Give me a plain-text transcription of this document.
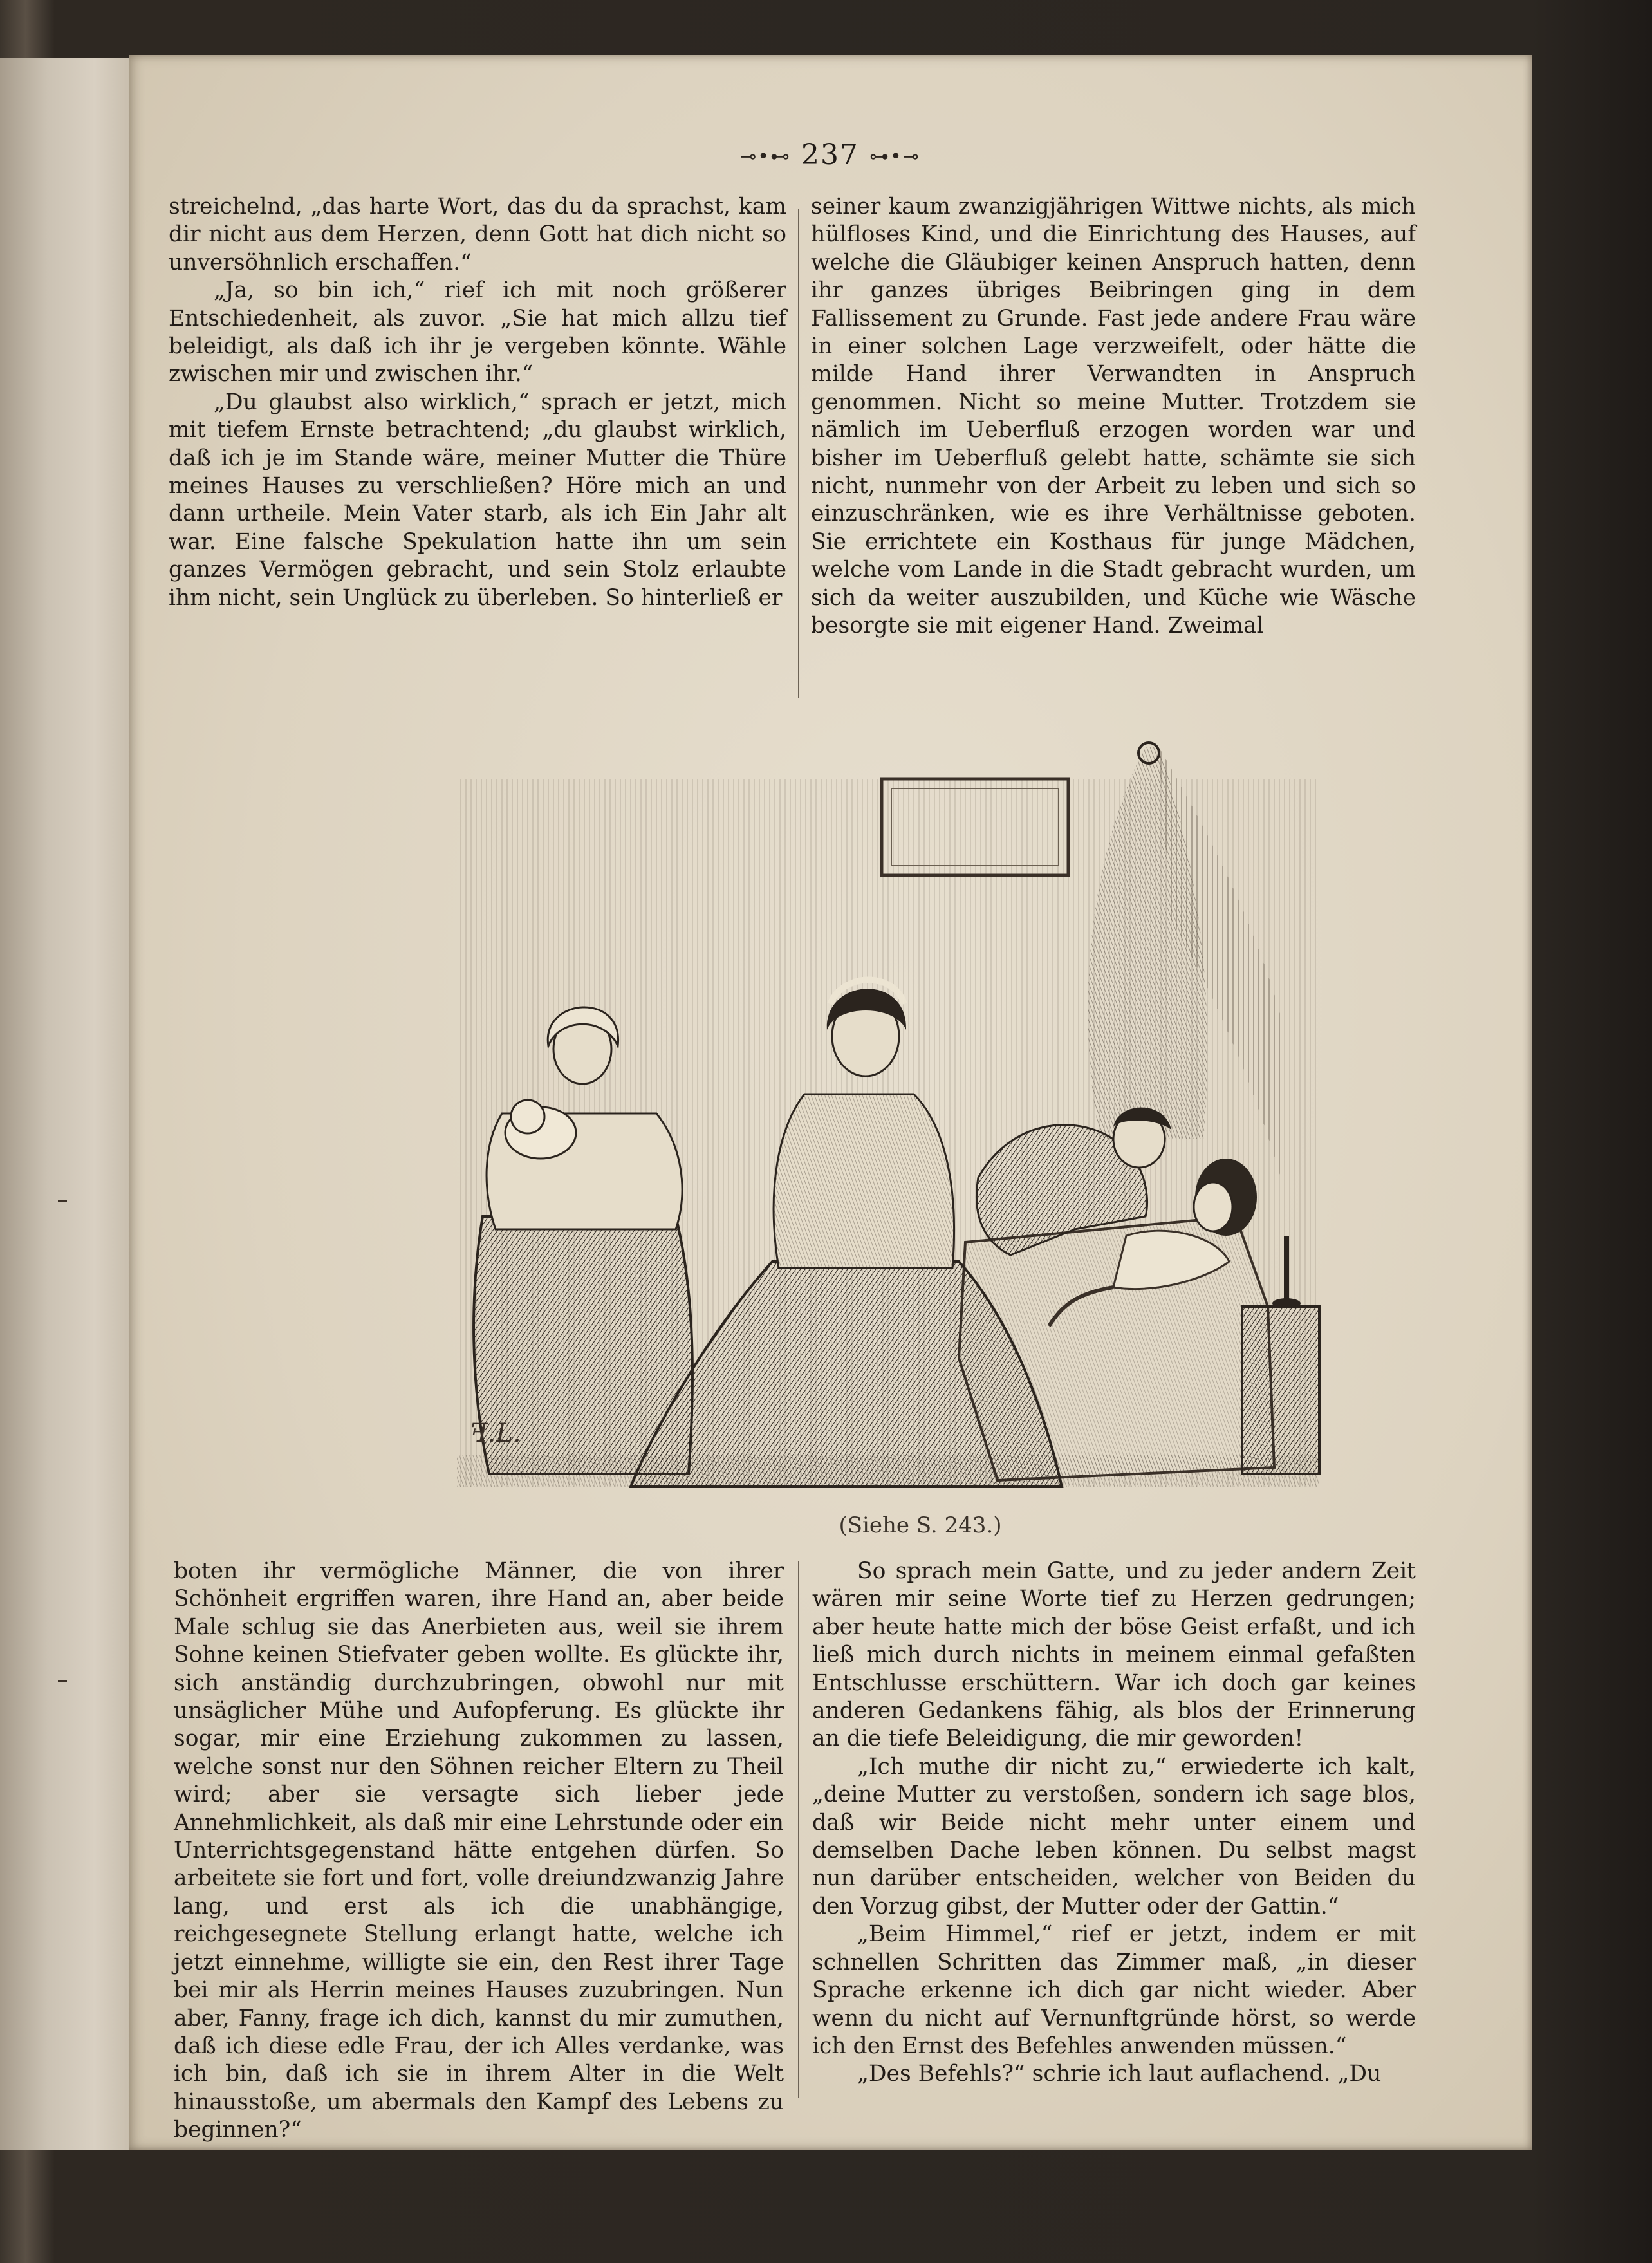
⊸•⊷ 237 ⊶•⊸

streichelnd, „das harte Wort, das du da sprachst, kam dir nicht aus dem Herzen, denn Gott hat dich nicht so unversöhnlich erschaffen.“

„Ja, so bin ich,“ rief ich mit noch größerer Entschiedenheit, als zuvor. „Sie hat mich allzu tief beleidigt, als daß ich ihr je vergeben könnte. Wähle zwischen mir und zwischen ihr.“

„Du glaubst also wirklich,“ sprach er jetzt, mich mit tiefem Ernste betrachtend; „du glaubst wirklich, daß ich je im Stande wäre, meiner Mutter die Thüre meines Hauses zu verschließen? Höre mich an und dann urtheile. Mein Vater starb, als ich Ein Jahr alt war. Eine falsche Spekulation hatte ihn um sein ganzes Vermögen gebracht, und sein Stolz erlaubte ihm nicht, sein Unglück zu überleben. So hinterließ er

seiner kaum zwanzigjährigen Wittwe nichts, als mich hülfloses Kind, und die Einrichtung des Hauses, auf welche die Gläubiger keinen Anspruch hatten, denn ihr ganzes übriges Beibringen ging in dem Fallissement zu Grunde. Fast jede andere Frau wäre in einer solchen Lage verzweifelt, oder hätte die milde Hand ihrer Verwandten in Anspruch genommen. Nicht so meine Mutter. Trotzdem sie nämlich im Ueberfluß erzogen worden war und bisher im Ueberfluß gelebt hatte, schämte sie sich nicht, nunmehr von der Arbeit zu leben und sich so einzuschränken, wie es ihre Verhältnisse geboten. Sie errichtete ein Kosthaus für junge Mädchen, welche vom Lande in die Stadt gebracht wurden, um sich da weiter auszubilden, und Küche wie Wäsche besorgte sie mit eigener Hand. Zweimal

ꟻ.L.
(Siehe S. 243.)

boten ihr vermögliche Männer, die von ihrer Schönheit ergriffen waren, ihre Hand an, aber beide Male schlug sie das Anerbieten aus, weil sie ihrem Sohne keinen Stiefvater geben wollte. Es glückte ihr, sich anständig durchzubringen, obwohl nur mit unsäglicher Mühe und Aufopferung. Es glückte ihr sogar, mir eine Erziehung zukommen zu lassen, welche sonst nur den Söhnen reicher Eltern zu Theil wird; aber sie versagte sich lieber jede Annehmlichkeit, als daß mir eine Lehrstunde oder ein Unterrichtsgegenstand hätte entgehen dürfen. So arbeitete sie fort und fort, volle dreiundzwanzig Jahre lang, und erst als ich die unabhängige, reichgesegnete Stellung erlangt hatte, welche ich jetzt einnehme, willigte sie ein, den Rest ihrer Tage bei mir als Herrin meines Hauses zuzubringen. Nun aber, Fanny, frage ich dich, kannst du mir zumuthen, daß ich diese edle Frau, der ich Alles verdanke, was ich bin, daß ich sie in ihrem Alter in die Welt hinausstoße, um abermals den Kampf des Lebens zu beginnen?“

So sprach mein Gatte, und zu jeder andern Zeit wären mir seine Worte tief zu Herzen gedrungen; aber heute hatte mich der böse Geist erfaßt, und ich ließ mich durch nichts in meinem einmal gefaßten Entschlusse erschüttern. War ich doch gar keines anderen Gedankens fähig, als blos der Erinnerung an die tiefe Beleidigung, die mir geworden!

„Ich muthe dir nicht zu,“ erwiederte ich kalt, „deine Mutter zu verstoßen, sondern ich sage blos, daß wir Beide nicht mehr unter einem und demselben Dache leben können. Du selbst magst nun darüber entscheiden, welcher von Beiden du den Vorzug gibst, der Mutter oder der Gattin.“

„Beim Himmel,“ rief er jetzt, indem er mit schnellen Schritten das Zimmer maß, „in dieser Sprache erkenne ich dich gar nicht wieder. Aber wenn du nicht auf Vernunftgründe hörst, so werde ich den Ernst des Befehles anwenden müssen.“

„Des Befehls?“ schrie ich laut auflachend. „Du
